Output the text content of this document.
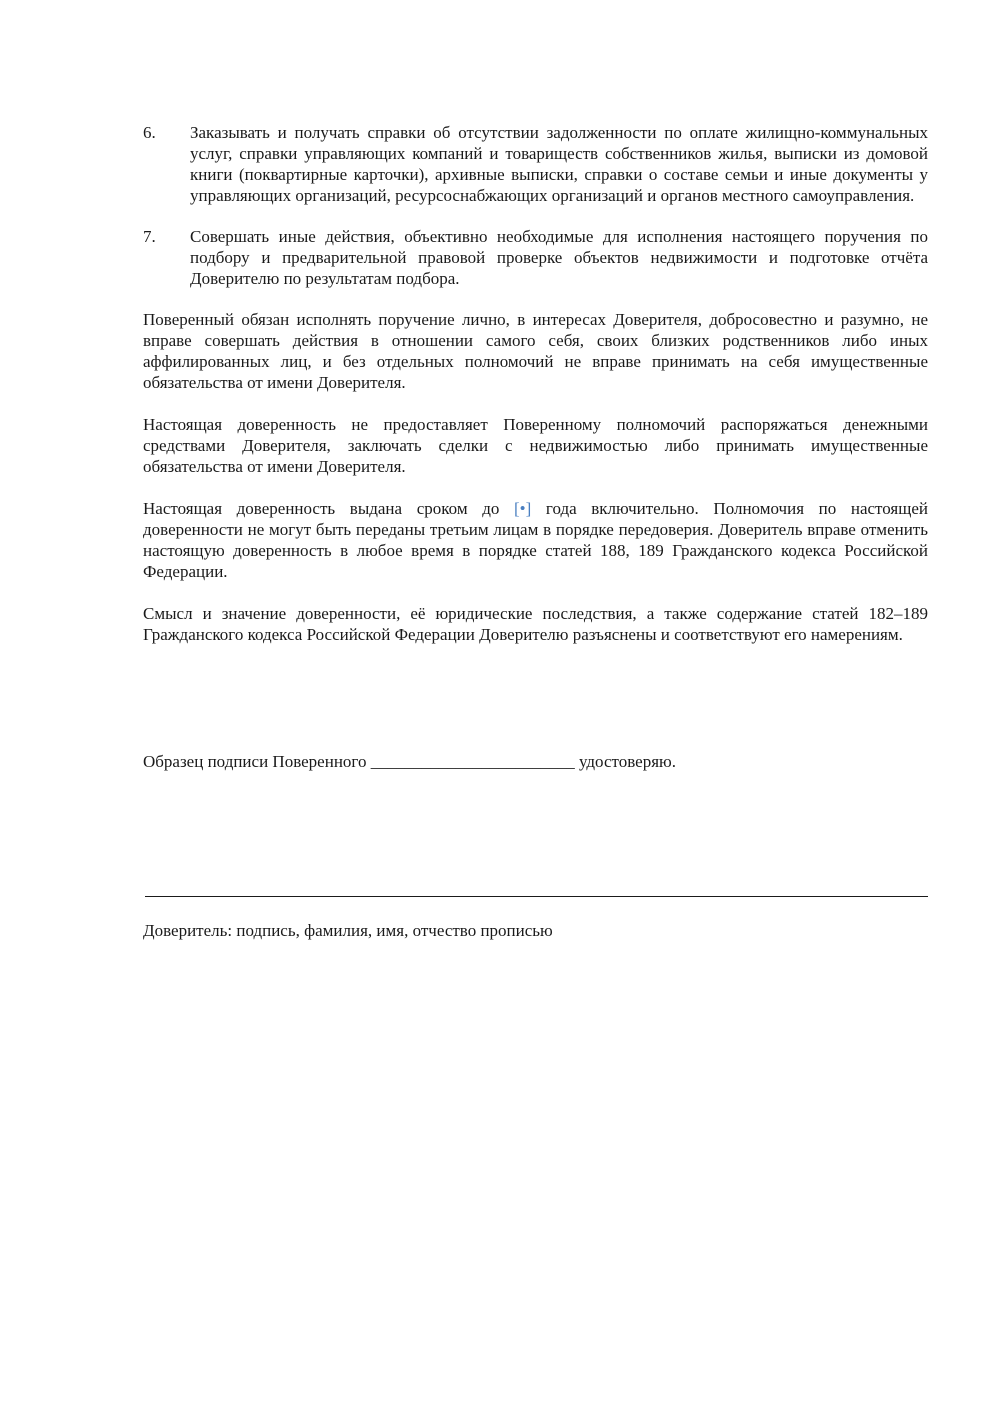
6.	Заказывать и получать справки об отсутствии задолженности по оплате жилищно-коммунальных услуг, справки управляющих компаний и товариществ собственников жилья, выписки из домовой книги (поквартирные карточки), архивные выписки, справки о составе семьи и иные документы у управляющих организаций, ресурсоснабжающих организаций и органов местного самоуправления.
7.	Совершать иные действия, объективно необходимые для исполнения настоящего поручения по подбору и предварительной правовой проверке объектов недвижимости и подготовке отчёта Доверителю по результатам подбора.

Поверенный обязан исполнять поручение лично, в интересах Доверителя, добросовестно и разумно, не вправе совершать действия в отношении самого себя, своих близких родственников либо иных аффилированных лиц, и без отдельных полномочий не вправе принимать на себя имущественные обязательства от имени Доверителя.

Настоящая доверенность не предоставляет Поверенному полномочий распоряжаться денежными средствами Доверителя, заключать сделки с недвижимостью либо принимать имущественные обязательства от имени Доверителя.

Настоящая доверенность выдана сроком до [•] года включительно. Полномочия по настоящей доверенности не могут быть переданы третьим лицам в порядке передоверия. Доверитель вправе отменить настоящую доверенность в любое время в порядке статей 188, 189 Гражданского кодекса Российской Федерации.

Смысл и значение доверенности, её юридические последствия, а также содержание статей 182–189 Гражданского кодекса Российской Федерации Доверителю разъяснены и соответствуют его намерениям.

Образец подписи Поверенного ________________________ удостоверяю.
Доверитель: подпись, фамилия, имя, отчество прописью
